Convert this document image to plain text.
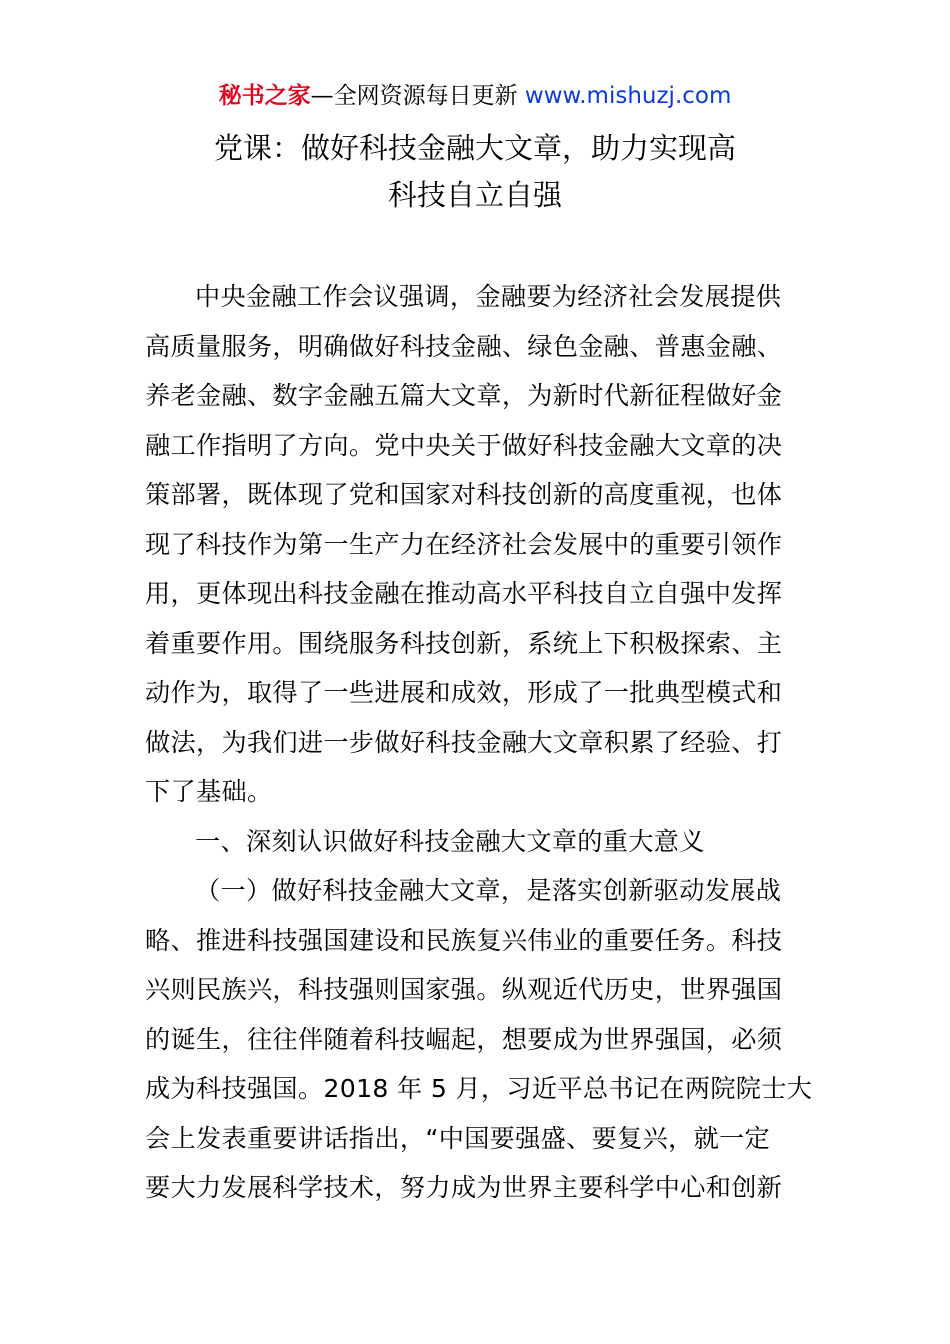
秘书之家—全网资源每日更新 www.mishuzj.com
党课：做好科技金融大文章，助力实现高
科技自立自强
中央金融工作会议强调，金融要为经济社会发展提供
高质量服务，明确做好科技金融、绿色金融、普惠金融、
养老金融、数字金融五篇大文章，为新时代新征程做好金
融工作指明了方向。党中央关于做好科技金融大文章的决
策部署，既体现了党和国家对科技创新的高度重视，也体
现了科技作为第一生产力在经济社会发展中的重要引领作
用，更体现出科技金融在推动高水平科技自立自强中发挥
着重要作用。围绕服务科技创新，系统上下积极探索、主
动作为，取得了一些进展和成效，形成了一批典型模式和
做法，为我们进一步做好科技金融大文章积累了经验、打
下了基础。
一、深刻认识做好科技金融大文章的重大意义
（一）做好科技金融大文章，是落实创新驱动发展战
略、推进科技强国建设和民族复兴伟业的重要任务。科技
兴则民族兴，科技强则国家强。纵观近代历史，世界强国
的诞生，往往伴随着科技崛起，想要成为世界强国，必须
成为科技强国。2018 年 5 月，习近平总书记在两院院士大
会上发表重要讲话指出，“中国要强盛、要复兴，就一定
要大力发展科学技术，努力成为世界主要科学中心和创新
